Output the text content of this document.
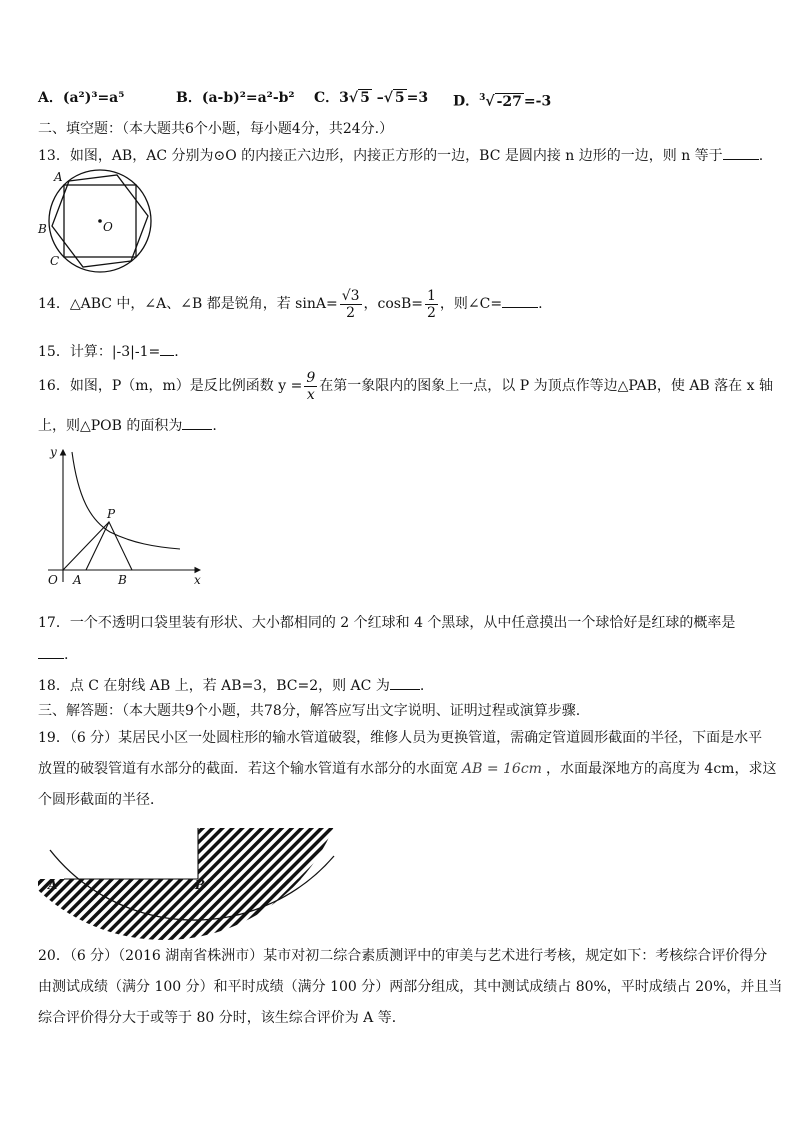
A．(a²)³=a⁵	B．(a-b)²=a²-b² C．3√ 5 –√ 5 =3 D．$^3$√ -27 =-3
二、填空题：（本大题共6个小题，每小题4分，共24分.）
13．如图，AB，AC 分别为⊙O 的内接正六边形，内接正方形的一边，BC 是圆内接 n 边形的一边，则 n 等于	.
A
B
C
O
14．△ABC 中，∠A、∠B 都是锐角，若 $\sin A= \frac{√3}{2}$ ，$\cos B= \frac{1}{2}$ ，则∠C=	.
15．计算：|-3|-1= .
16．如图，P（m，m）是反比例函数 $y = \frac{9}{x}$ 在第一象限内的图象上一点，以 P 为顶点作等边△PAB，使 AB 落在 x 轴
上，则△POB 的面积为 .
y
P
O A	B	x
17．一个不透明口袋里装有形状、大小都相同的 2 个红球和 4 个黑球，从中任意摸出一个球恰好是红球的概率是
.
18．点 C 在射线 AB 上，若 AB=3，BC=2，则 AC 为 .
三、解答题：（本大题共9个小题，共78分，解答应写出文字说明、证明过程或演算步骤.
19．（6 分）某居民小区一处圆柱形的输水管道破裂，维修人员为更换管道，需确定管道圆形截面的半径，下面是水平
放置的破裂管道有水部分的截面．若这个输水管道有水部分的水面宽 AB = 16cm ，水面最深地方的高度为 4cm，求这
个圆形截面的半径．
A	B
20．（6 分）（2016 湖南省株洲市）某市对初二综合素质测评中的审美与艺术进行考核，规定如下：考核综合评价得分
由测试成绩（满分 100 分）和平时成绩（满分 100 分）两部分组成，其中测试成绩占 80%，平时成绩占 20%，并且当
综合评价得分大于或等于 80 分时，该生综合评价为 A 等．
